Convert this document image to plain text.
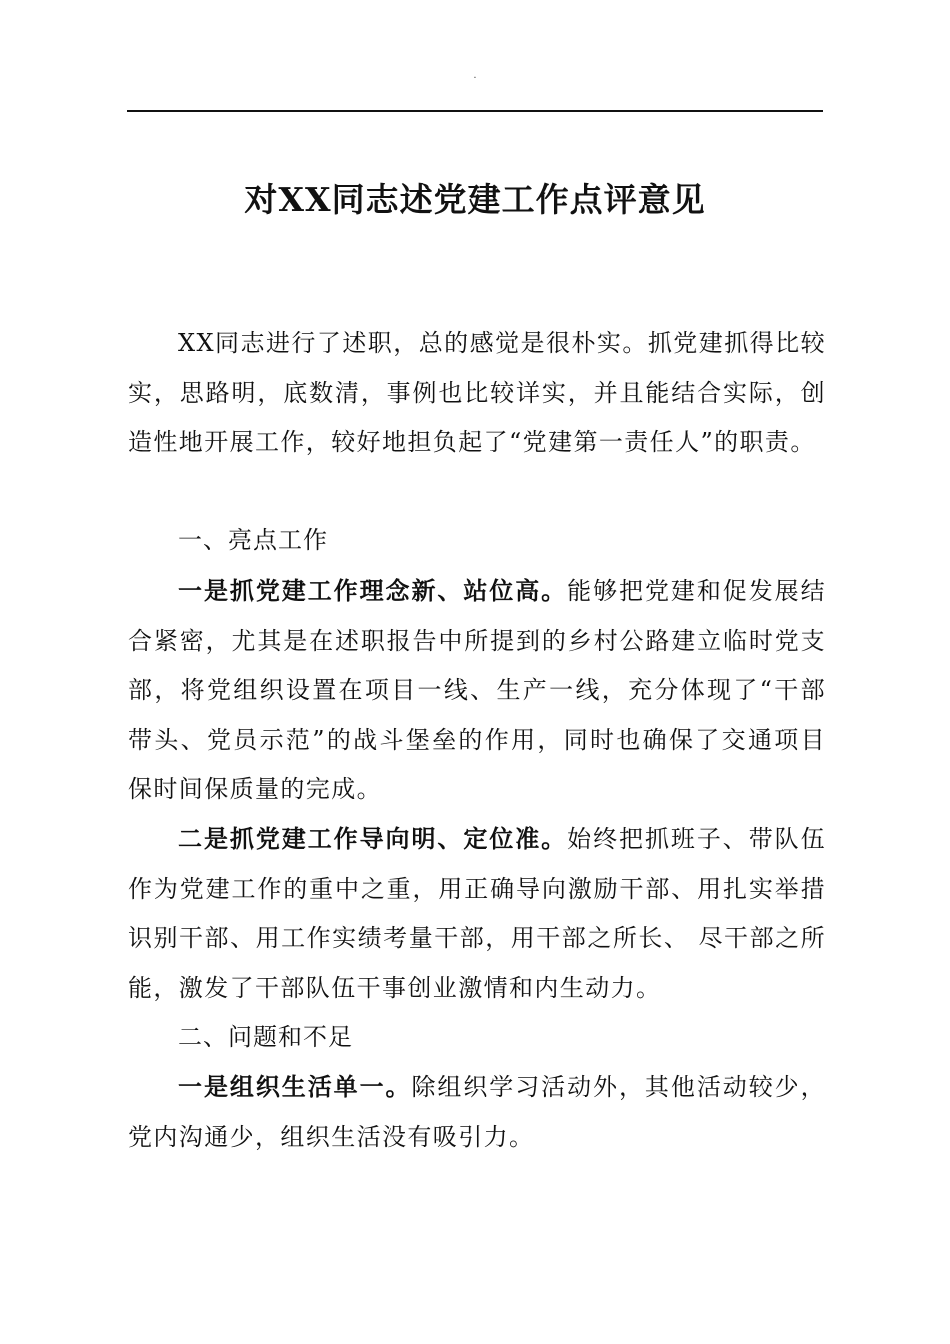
.
对XX同志述党建工作点评意见

XX同志进行了述职，总的感觉是很朴实。抓党建抓得比较实，思路明，底数清，事例也比较详实，并且能结合实际，创造性地开展工作，较好地担负起了“党建第一责任人”的职责。

一、亮点工作

一是抓党建工作理念新、站位高。能够把党建和促发展结合紧密，尤其是在述职报告中所提到的乡村公路建立临时党支部，将党组织设置在项目一线、生产一线，充分体现了“干部带头、党员示范”的战斗堡垒的作用，同时也确保了交通项目保时间保质量的完成。

二是抓党建工作导向明、定位准。始终把抓班子、带队伍作为党建工作的重中之重，用正确导向激励干部、用扎实举措识别干部、用工作实绩考量干部，用干部之所长、 尽干部之所能，激发了干部队伍干事创业激情和内生动力。

二、问题和不足

一是组织生活单一。除组织学习活动外，其他活动较少，党内沟通少，组织生活没有吸引力。
